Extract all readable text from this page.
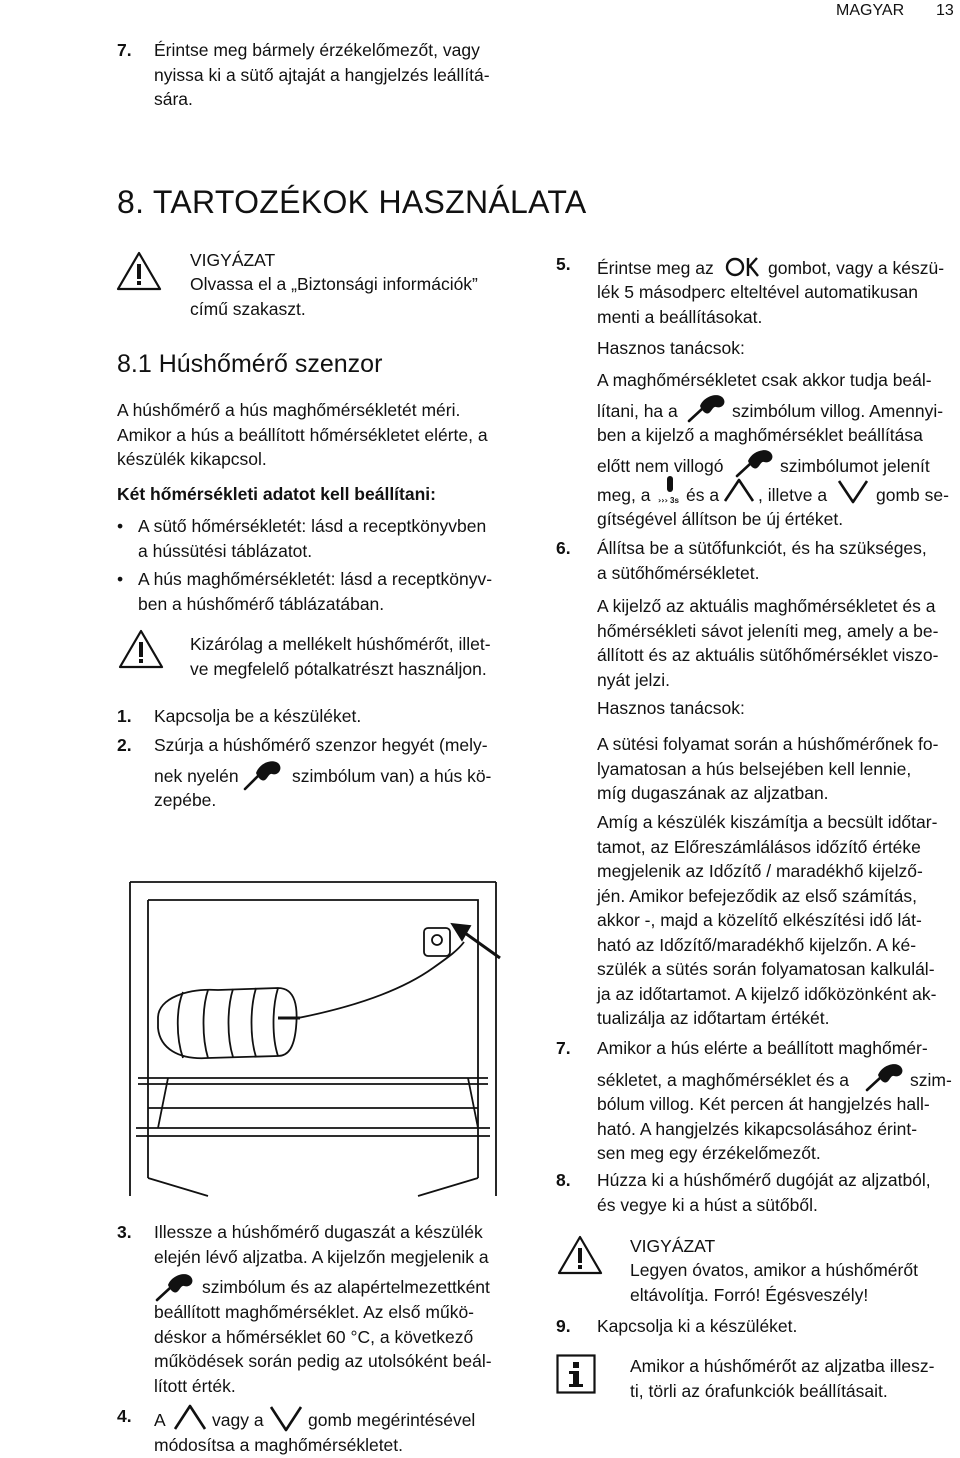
MAGYAR 13
7. Érintse meg bármely érzékelőmezőt, vagy
nyissa ki a sütő ajtaját a hangjelzés leállítá-
sára.
8. TARTOZÉKOK HASZNÁLATA
VIGYÁZAT
Olvassa el a „Biztonsági információk”
című szakaszt.
8.1 Húshőmérő szenzor
A húshőmérő a hús maghőmérsékletét méri.
Amikor a hús a beállított hőmérsékletet elérte, a
készülék kikapcsol.
Két hőmérsékleti adatot kell beállítani:
• A sütő hőmérsékletét: lásd a receptkönyvben
a hússütési táblázatot.
• A hús maghőmérsékletét: lásd a receptkönyv-
ben a húshőmérő táblázatában.
Kizárólag a mellékelt húshőmérőt, illet-
ve megfelelő pótalkatrészt használjon.
1. Kapcsolja be a készüléket.
2. Szúrja a húshőmérő szenzor hegyét (mely-
nek nyelén	szimbólum van) a hús kö-
zepébe.
3. Illessze a húshőmérő dugaszát a készülék
elején lévő aljzatba. A kijelzőn megjelenik a
szimbólum és az alapértelmezettként
beállított maghőmérséklet. Az első műkö-
déskor a hőmérséklet 60 °C, a következő
működések során pedig az utolsóként beál-
lított érték.
4. A	vagy a	gomb megérintésével
módosítsa a maghőmérsékletet.
5. Érintse meg az	gombot, vagy a készü-
lék 5 másodperc elteltével automatikusan
menti a beállításokat.
Hasznos tanácsok:
A maghőmérsékletet csak akkor tudja beál-
lítani, ha a	szimbólum villog. Amennyi-
ben a kijelző a maghőmérséklet beállítása
előtt nem villogó	szimbólumot jelenít
meg, a ››› 3s és a , illetve a	gomb se-
gítségével állítson be új értéket.
6. Állítsa be a sütőfunkciót, és ha szükséges,
a sütőhőmérsékletet.
A kijelző az aktuális maghőmérsékletet és a
hőmérsékleti sávot jeleníti meg, amely a be-
állított és az aktuális sütőhőmérséklet viszo-
nyát jelzi.
Hasznos tanácsok:
A sütési folyamat során a húshőmérőnek fo-
lyamatosan a hús belsejében kell lennie,
míg dugaszának az aljzatban.
Amíg a készülék kiszámítja a becsült időtar-
tamot, az Előreszámlálásos időzítő értéke
megjelenik az Időzítő / maradékhő kijelző-
jén. Amikor befejeződik az első számítás,
akkor -, majd a közelítő elkészítési idő lát-
ható az Időzítő/maradékhő kijelzőn. A ké-
szülék a sütés során folyamatosan kalkulál-
ja az időtartamot. A kijelző időközönként ak-
tualizálja az időtartam értékét.
7. Amikor a hús elérte a beállított maghőmér-
sékletet, a maghőmérséklet és a	szim-
bólum villog. Két percen át hangjelzés hall-
ható. A hangjelzés kikapcsolásához érint-
sen meg egy érzékelőmezőt.
8. Húzza ki a húshőmérő dugóját az aljzatból,
és vegye ki a húst a sütőből.
VIGYÁZAT
Legyen óvatos, amikor a húshőmérőt
eltávolítja. Forró! Égésveszély!
9. Kapcsolja ki a készüléket.
Amikor a húshőmérőt az aljzatba illesz-
ti, törli az órafunkciók beállításait.
